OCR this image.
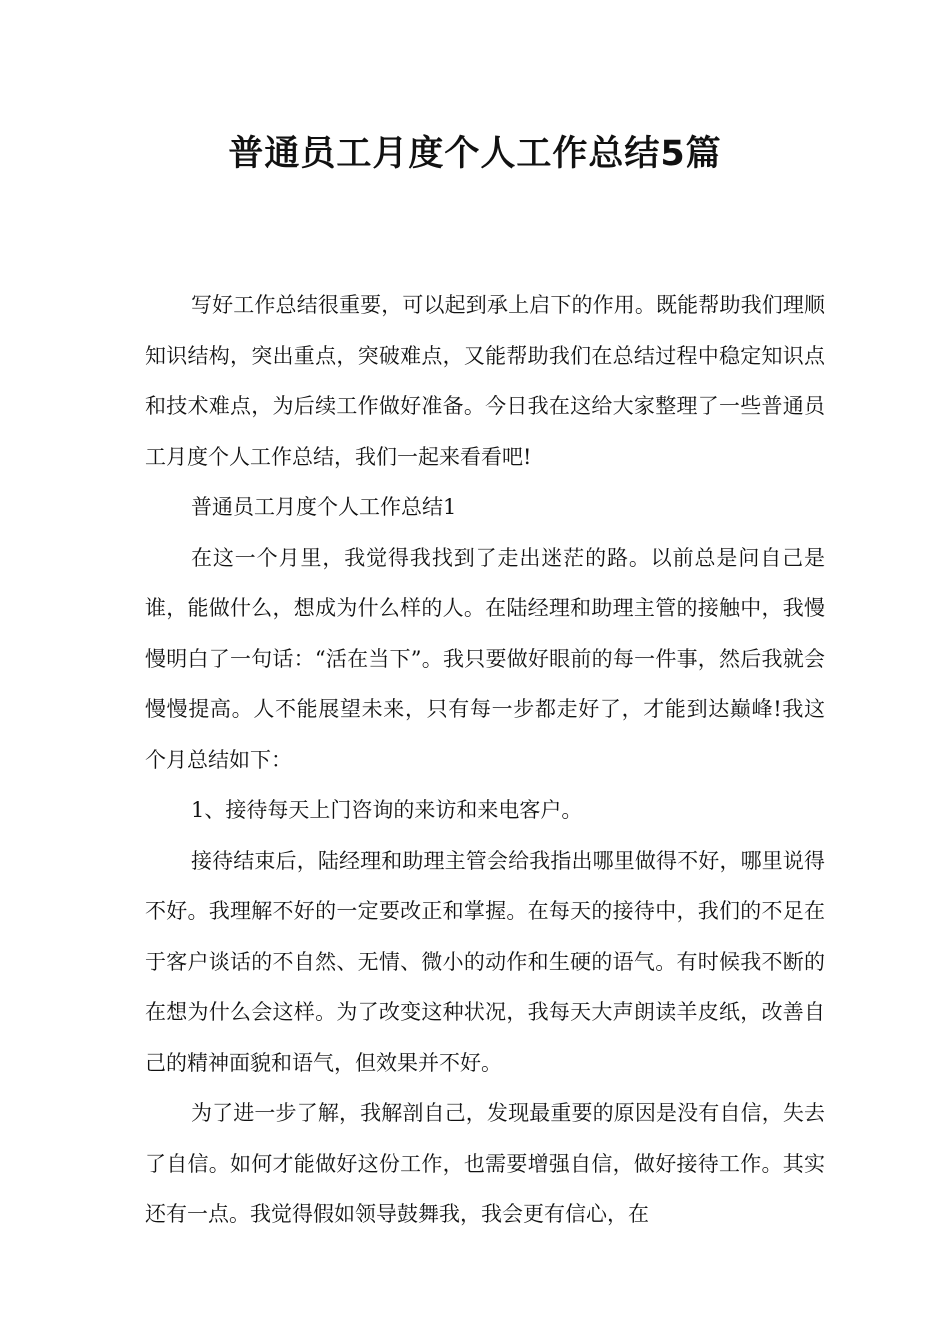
普通员工月度个人工作总结5篇

写好工作总结很重要，可以起到承上启下的作用。既能帮助我们理顺知识结构，突出重点，突破难点，又能帮助我们在总结过程中稳定知识点和技术难点，为后续工作做好准备。今日我在这给大家整理了一些普通员工月度个人工作总结，我们一起来看看吧!

普通员工月度个人工作总结1

在这一个月里，我觉得我找到了走出迷茫的路。以前总是问自己是谁，能做什么，想成为什么样的人。在陆经理和助理主管的接触中，我慢慢明白了一句话：“活在当下”。我只要做好眼前的每一件事，然后我就会慢慢提高。人不能展望未来，只有每一步都走好了，才能到达巅峰!我这个月总结如下：

1、接待每天上门咨询的来访和来电客户。

接待结束后，陆经理和助理主管会给我指出哪里做得不好，哪里说得不好。我理解不好的一定要改正和掌握。在每天的接待中，我们的不足在于客户谈话的不自然、无情、微小的动作和生硬的语气。有时候我不断的在想为什么会这样。为了改变这种状况，我每天大声朗读羊皮纸，改善自己的精神面貌和语气，但效果并不好。

为了进一步了解，我解剖自己，发现最重要的原因是没有自信，失去了自信。如何才能做好这份工作，也需要增强自信，做好接待工作。其实还有一点。我觉得假如领导鼓舞我，我会更有信心，在
